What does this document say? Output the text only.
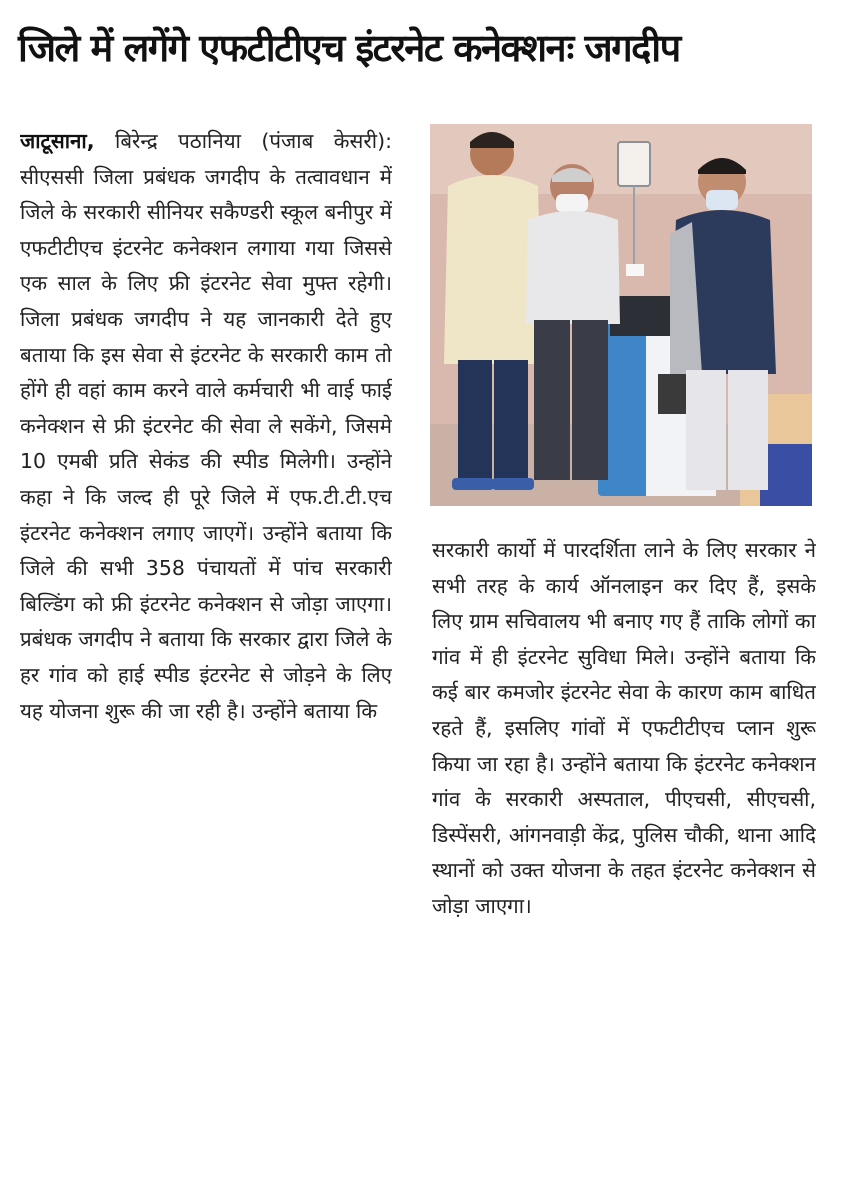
जिले में लगेंगे एफटीटीएच इंटरनेट कनेक्शनः जगदीप

जाटूसाना, बिरेन्द्र पठानिया (पंजाब केसरी): सीएससी जिला प्रबंधक जगदीप के तत्वावधान में जिले के सरकारी सीनियर सकैण्डरी स्कूल बनीपुर में एफटीटीएच इंटरनेट कनेक्शन लगाया गया जिससे एक साल के लिए फ्री इंटरनेट सेवा मुफ्त रहेगी। जिला प्रबंधक जगदीप ने यह जानकारी देते हुए बताया कि इस सेवा से इंटरनेट के सरकारी काम तो होंगे ही वहां काम करने वाले कर्मचारी भी वाई फाई कनेक्शन से फ्री इंटरनेट की सेवा ले सकेंगे, जिसमे 10 एमबी प्रति सेकंड की स्पीड मिलेगी। उन्होंने कहा ने कि जल्द ही पूरे जिले में एफ.टी.टी.एच इंटरनेट कनेक्शन लगाए जाएगें। उन्होंने बताया कि जिले की सभी 358 पंचायतों में पांच सरकारी बिल्डिंग को फ्री इंटरनेट कनेक्शन से जोड़ा जाएगा। प्रबंधक जगदीप ने बताया कि सरकार द्वारा जिले के हर गांव को हाई स्पीड इंटरनेट से जोड़ने के लिए यह योजना शुरू की जा रही है। उन्होंने बताया कि

सरकारी कार्यो में पारदर्शिता लाने के लिए सरकार ने सभी तरह के कार्य ऑनलाइन कर दिए हैं, इसके लिए ग्राम सचिवालय भी बनाए गए हैं ताकि लोगों का गांव में ही इंटरनेट सुविधा मिले। उन्होंने बताया कि कई बार कमजोर इंटरनेट सेवा के कारण काम बाधित रहते हैं, इसलिए गांवों में एफटीटीएच प्लान शुरू किया जा रहा है। उन्होंने बताया कि इंटरनेट कनेक्शन गांव के सरकारी अस्पताल, पीएचसी, सीएचसी, डिस्पेंसरी, आंगनवाड़ी केंद्र, पुलिस चौकी, थाना आदि स्थानों को उक्त योजना के तहत इंटरनेट कनेक्शन से जोड़ा जाएगा।
